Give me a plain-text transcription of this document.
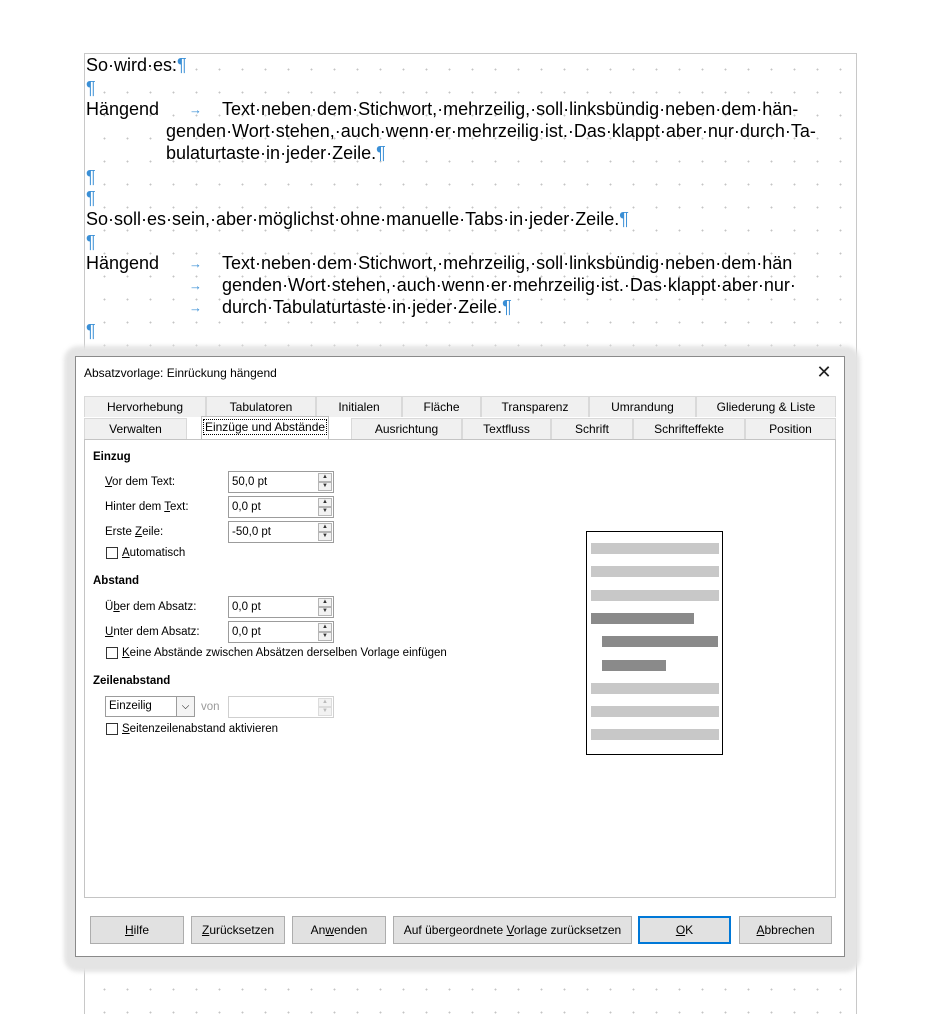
So·wird·es:¶
¶
Hängend → Text·neben·dem·Stichwort,·mehrzeilig,·soll·linksbündig·neben·dem·hän-
genden·Wort·stehen,·auch·wenn·er·mehrzeilig·ist.·Das·klappt·aber·nur·durch·Ta-
bulaturtaste·in·jeder·Zeile.¶
¶
¶
So·soll·es·sein,·aber·möglichst·ohne·manuelle·Tabs·in·jeder·Zeile.¶
¶
Hängend → Text·neben·dem·Stichwort,·mehrzeilig,·soll·linksbündig·neben·dem·hän
→ genden·Wort·stehen,·auch·wenn·er·mehrzeilig·ist.·Das·klappt·aber·nur·
→ durch·Tabulaturtaste·in·jeder·Zeile.¶
¶
Absatzvorlage: Einrückung hängend	✕
Hervorhebung	Tabulatoren	Initialen	Fläche	Transparenz	Umrandung	Gliederung & Liste
Verwalten	Einzüge und Abstände	Ausrichtung	Textfluss	Schrift	Schrifteffekte	Position
Einzug
Vor dem Text:	50,0 pt	▲
▼
Hinter dem Text:	0,0 pt	▲
▼
Erste Zeile:	-50,0 pt	▲
▼
Automatisch
Abstand
Über dem Absatz:	0,0 pt	▲
▼
Unter dem Absatz:	0,0 pt	▲
▼
Keine Abstände zwischen Absätzen derselben Vorlage einfügen
Zeilenabstand
Einzeilig	⌵	von	▲
▼
Seitenzeilenabstand aktivieren
Hilfe	Zurücksetzen	Anwenden	Auf übergeordnete Vorlage zurücksetzen	OK	Abbrechen
